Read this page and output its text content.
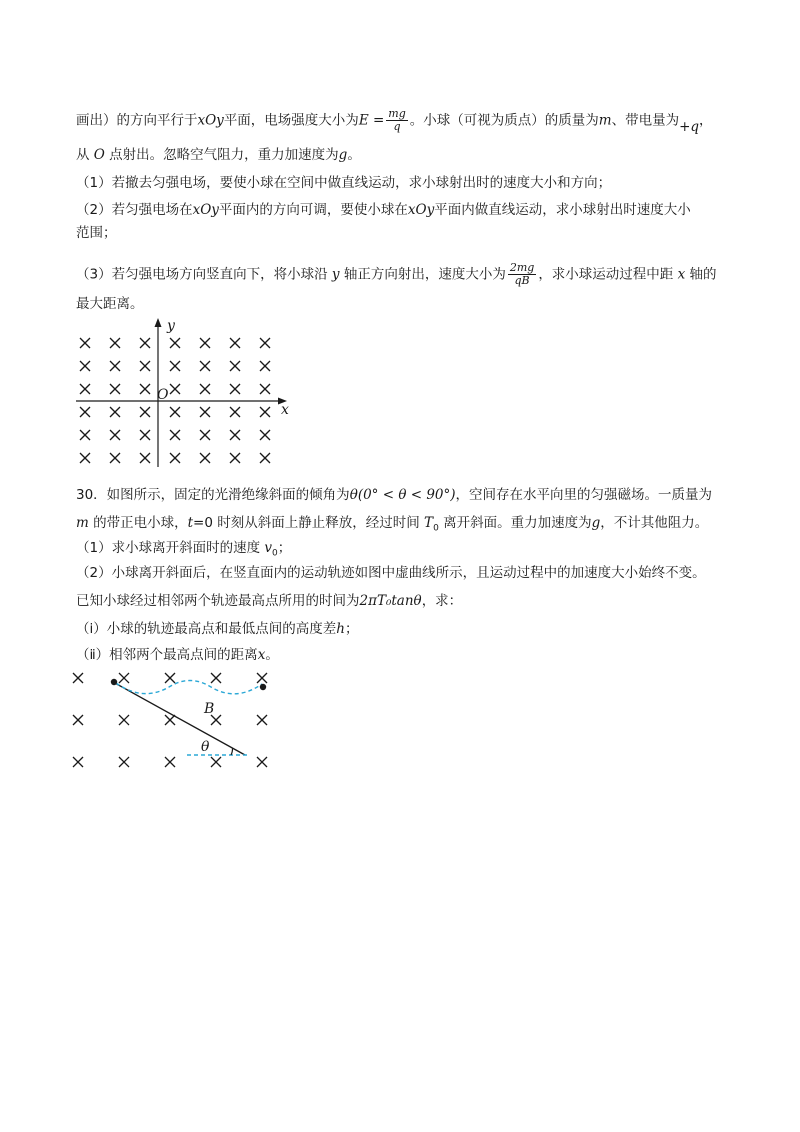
画出）的方向平行于xOy平面，电场强度大小为$E = \frac{mg}{q}$ 。小球（可视为质点）的质量为m、带电量为+q，
从 O 点射出。忽略空气阻力，重力加速度为g。
（1）若撤去匀强电场，要使小球在空间中做直线运动，求小球射出时的速度大小和方向；
（2）若匀强电场在xOy平面内的方向可调，要使小球在xOy平面内做直线运动，求小球射出时速度大小
范围；
（3）若匀强电场方向竖直向下，将小球沿 y 轴正方向射出，速度大小为 $\frac{2mg}{qB}$ ，求小球运动过程中距 x 轴的
最大距离。
y
x
O
30．如图所示，固定的光滑绝缘斜面的倾角为θ(0° < θ < 90°)，空间存在水平向里的匀强磁场。一质量为
m 的带正电小球，t=0 时刻从斜面上静止释放，经过时间 $T_0$ 离开斜面。重力加速度为g，不计其他阻力。
（1）求小球离开斜面时的速度 $v_0$；
（2）小球离开斜面后，在竖直面内的运动轨迹如图中虚曲线所示，且运动过程中的加速度大小始终不变。
已知小球经过相邻两个轨迹最高点所用的时间为2πT₀tanθ，求：
（ⅰ）小球的轨迹最高点和最低点间的高度差h；
（ⅱ）相邻两个最高点间的距离x。
B
θ
